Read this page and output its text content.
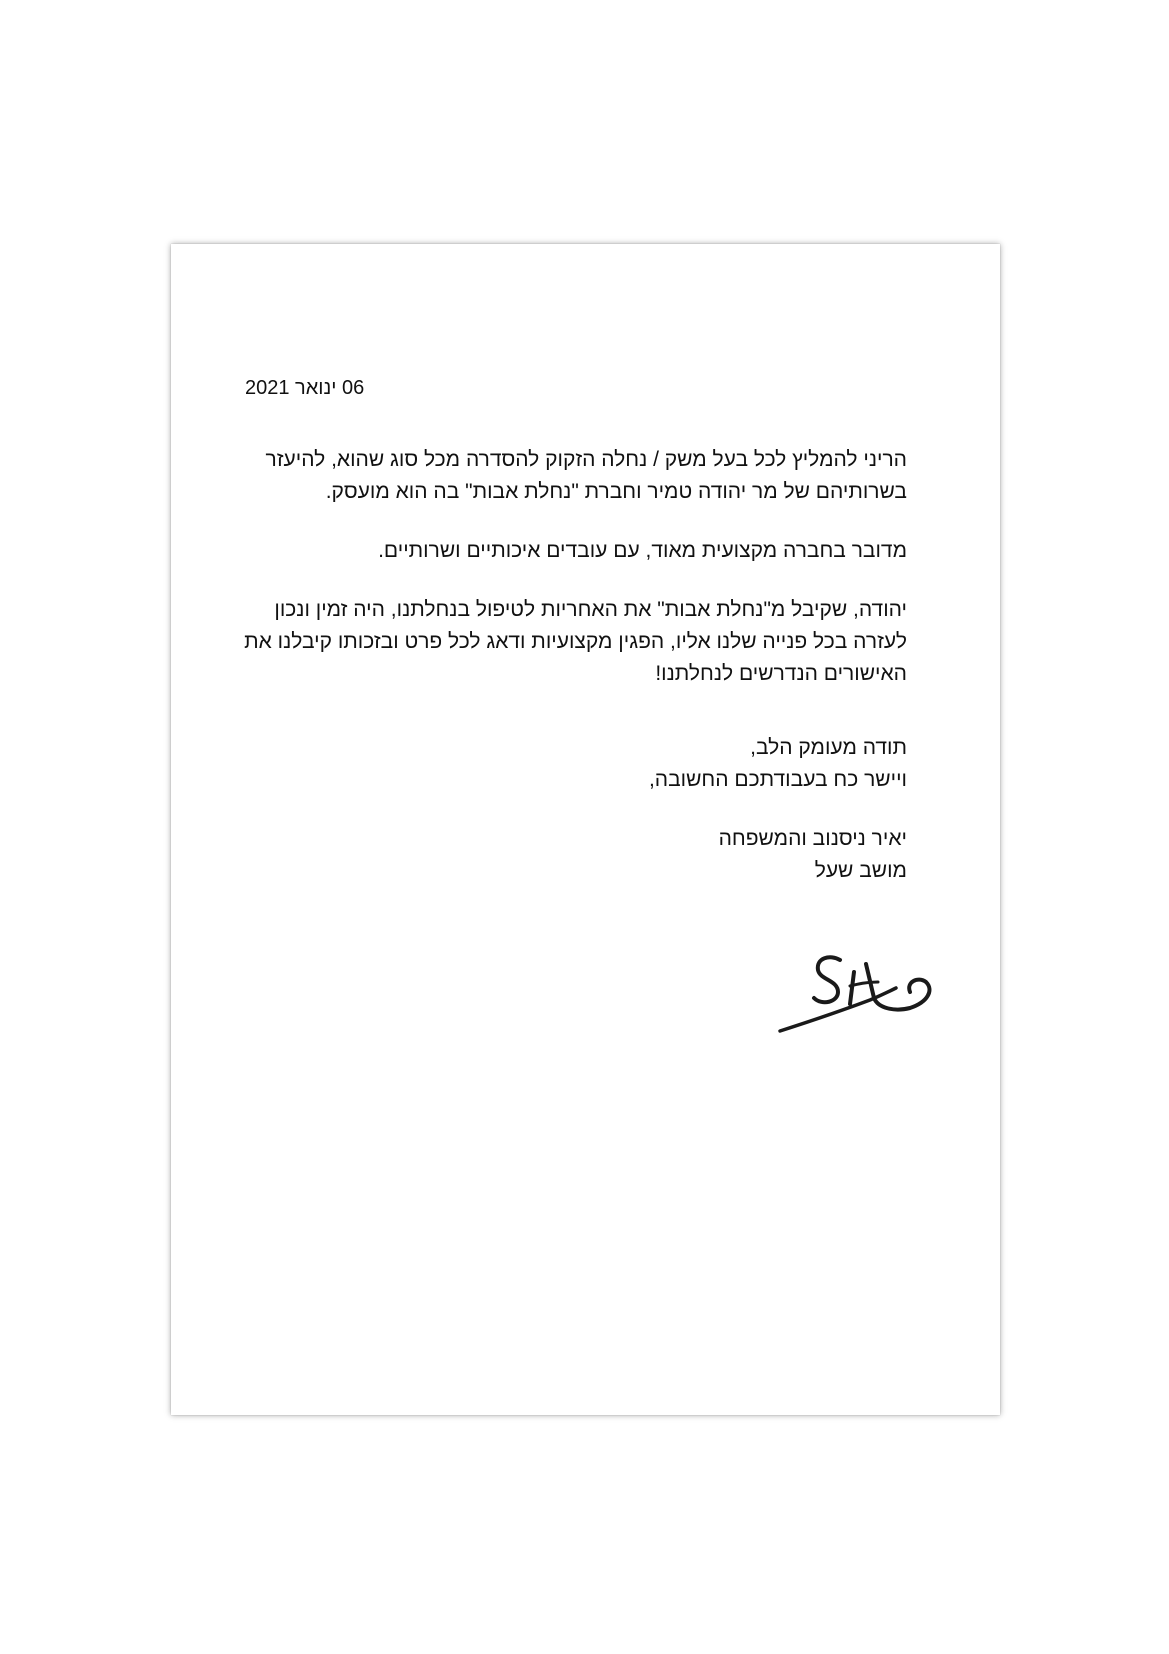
06 ינואר 2021

הריני להמליץ לכל בעל משק / נחלה הזקוק להסדרה מכל סוג שהוא, להיעזר בשרותיהם של מר יהודה טמיר וחברת "נחלת אבות" בה הוא מועסק.

מדובר בחברה מקצועית מאוד, עם עובדים איכותיים ושרותיים.

יהודה, שקיבל מ"נחלת אבות" את האחריות לטיפול בנחלתנו, היה זמין ונכון לעזרה בכל פנייה שלנו אליו, הפגין מקצועיות ודאג לכל פרט ובזכותו קיבלנו את האישורים הנדרשים לנחלתנו!

תודה מעומק הלב,
ויישר כח בעבודתכם החשובה,
יאיר ניסנוב והמשפחה
מושב שעל
